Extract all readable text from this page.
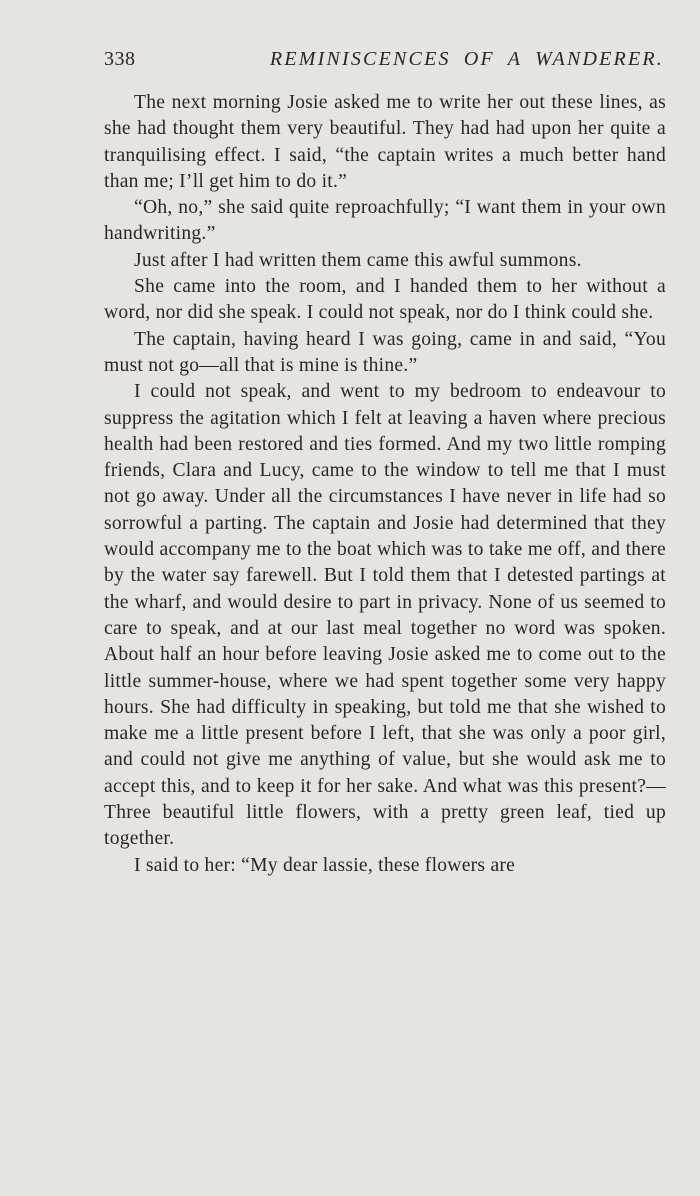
338	REMINISCENCES OF A WANDERER.

The next morning Josie asked me to write her out these lines, as she had thought them very beautiful. They had had upon her quite a tranquilising effect. I said, “the captain writes a much better hand than me; I’ll get him to do it.”

“Oh, no,” she said quite reproachfully; “I want them in your own handwriting.”

Just after I had written them came this awful summons.

She came into the room, and I handed them to her without a word, nor did she speak. I could not speak, nor do I think could she.

The captain, having heard I was going, came in and said, “You must not go—all that is mine is thine.”

I could not speak, and went to my bedroom to endeavour to suppress the agitation which I felt at leaving a haven where precious health had been restored and ties formed. And my two little romping friends, Clara and Lucy, came to the window to tell me that I must not go away. Under all the circumstances I have never in life had so sorrowful a parting. The captain and Josie had determined that they would accompany me to the boat which was to take me off, and there by the water say farewell. But I told them that I detested partings at the wharf, and would desire to part in privacy. None of us seemed to care to speak, and at our last meal together no word was spoken. About half an hour before leaving Josie asked me to come out to the little summer-house, where we had spent together some very happy hours. She had difficulty in speaking, but told me that she wished to make me a little present before I left, that she was only a poor girl, and could not give me anything of value, but she would ask me to accept this, and to keep it for her sake. And what was this present?—Three beautiful little flowers, with a pretty green leaf, tied up together.

I said to her: “My dear lassie, these flowers are
